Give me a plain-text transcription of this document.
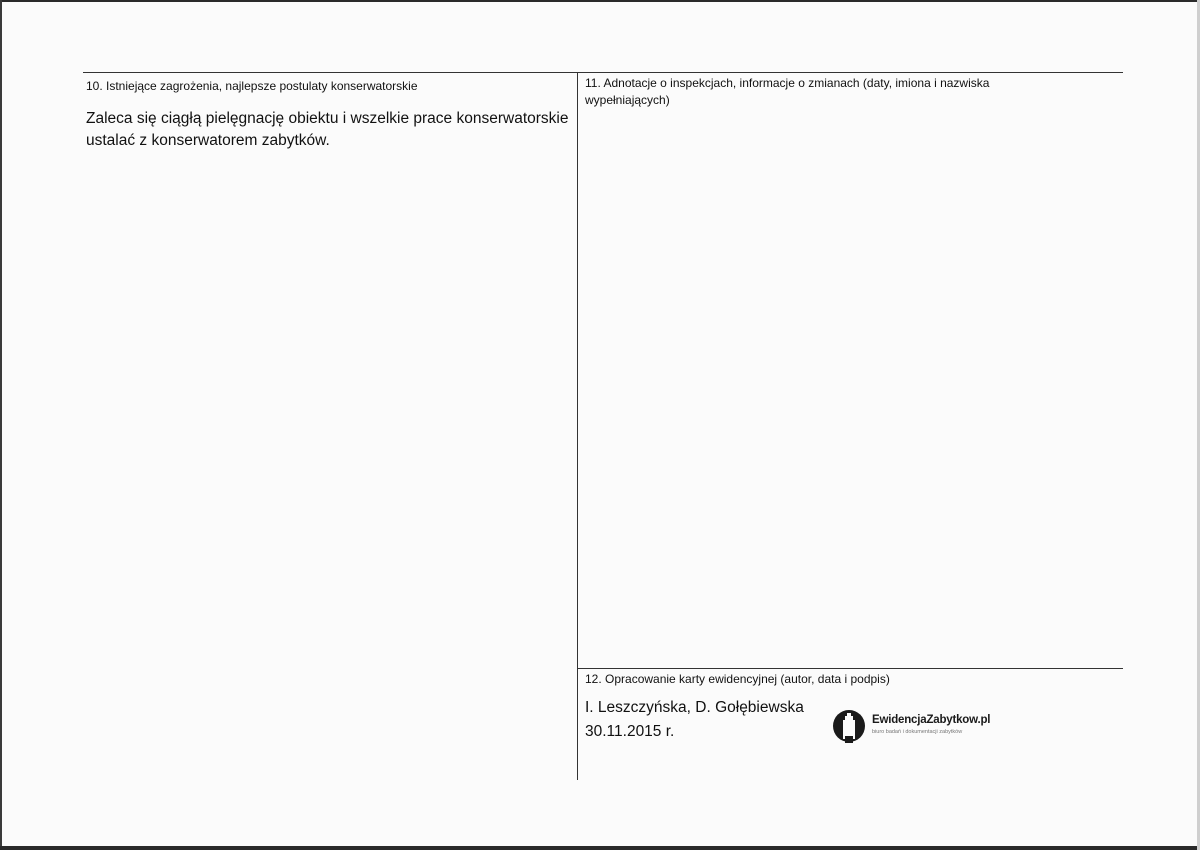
10. Istniejące zagrożenia, najlepsze postulaty konserwatorskie

Zaleca się ciągłą pielęgnację obiektu i wszelkie prace konserwatorskie ustalać z konserwatorem zabytków.

11. Adnotacje o inspekcjach, informacje o zmianach (daty, imiona i nazwiska wypełniających)
12. Opracowanie karty ewidencyjnej (autor, data i podpis)

I. Leszczyńska, D. Gołębiewska

30.11.2015 r.

EwidencjaZabytkow.pl
biuro badań i dokumentacji zabytków
